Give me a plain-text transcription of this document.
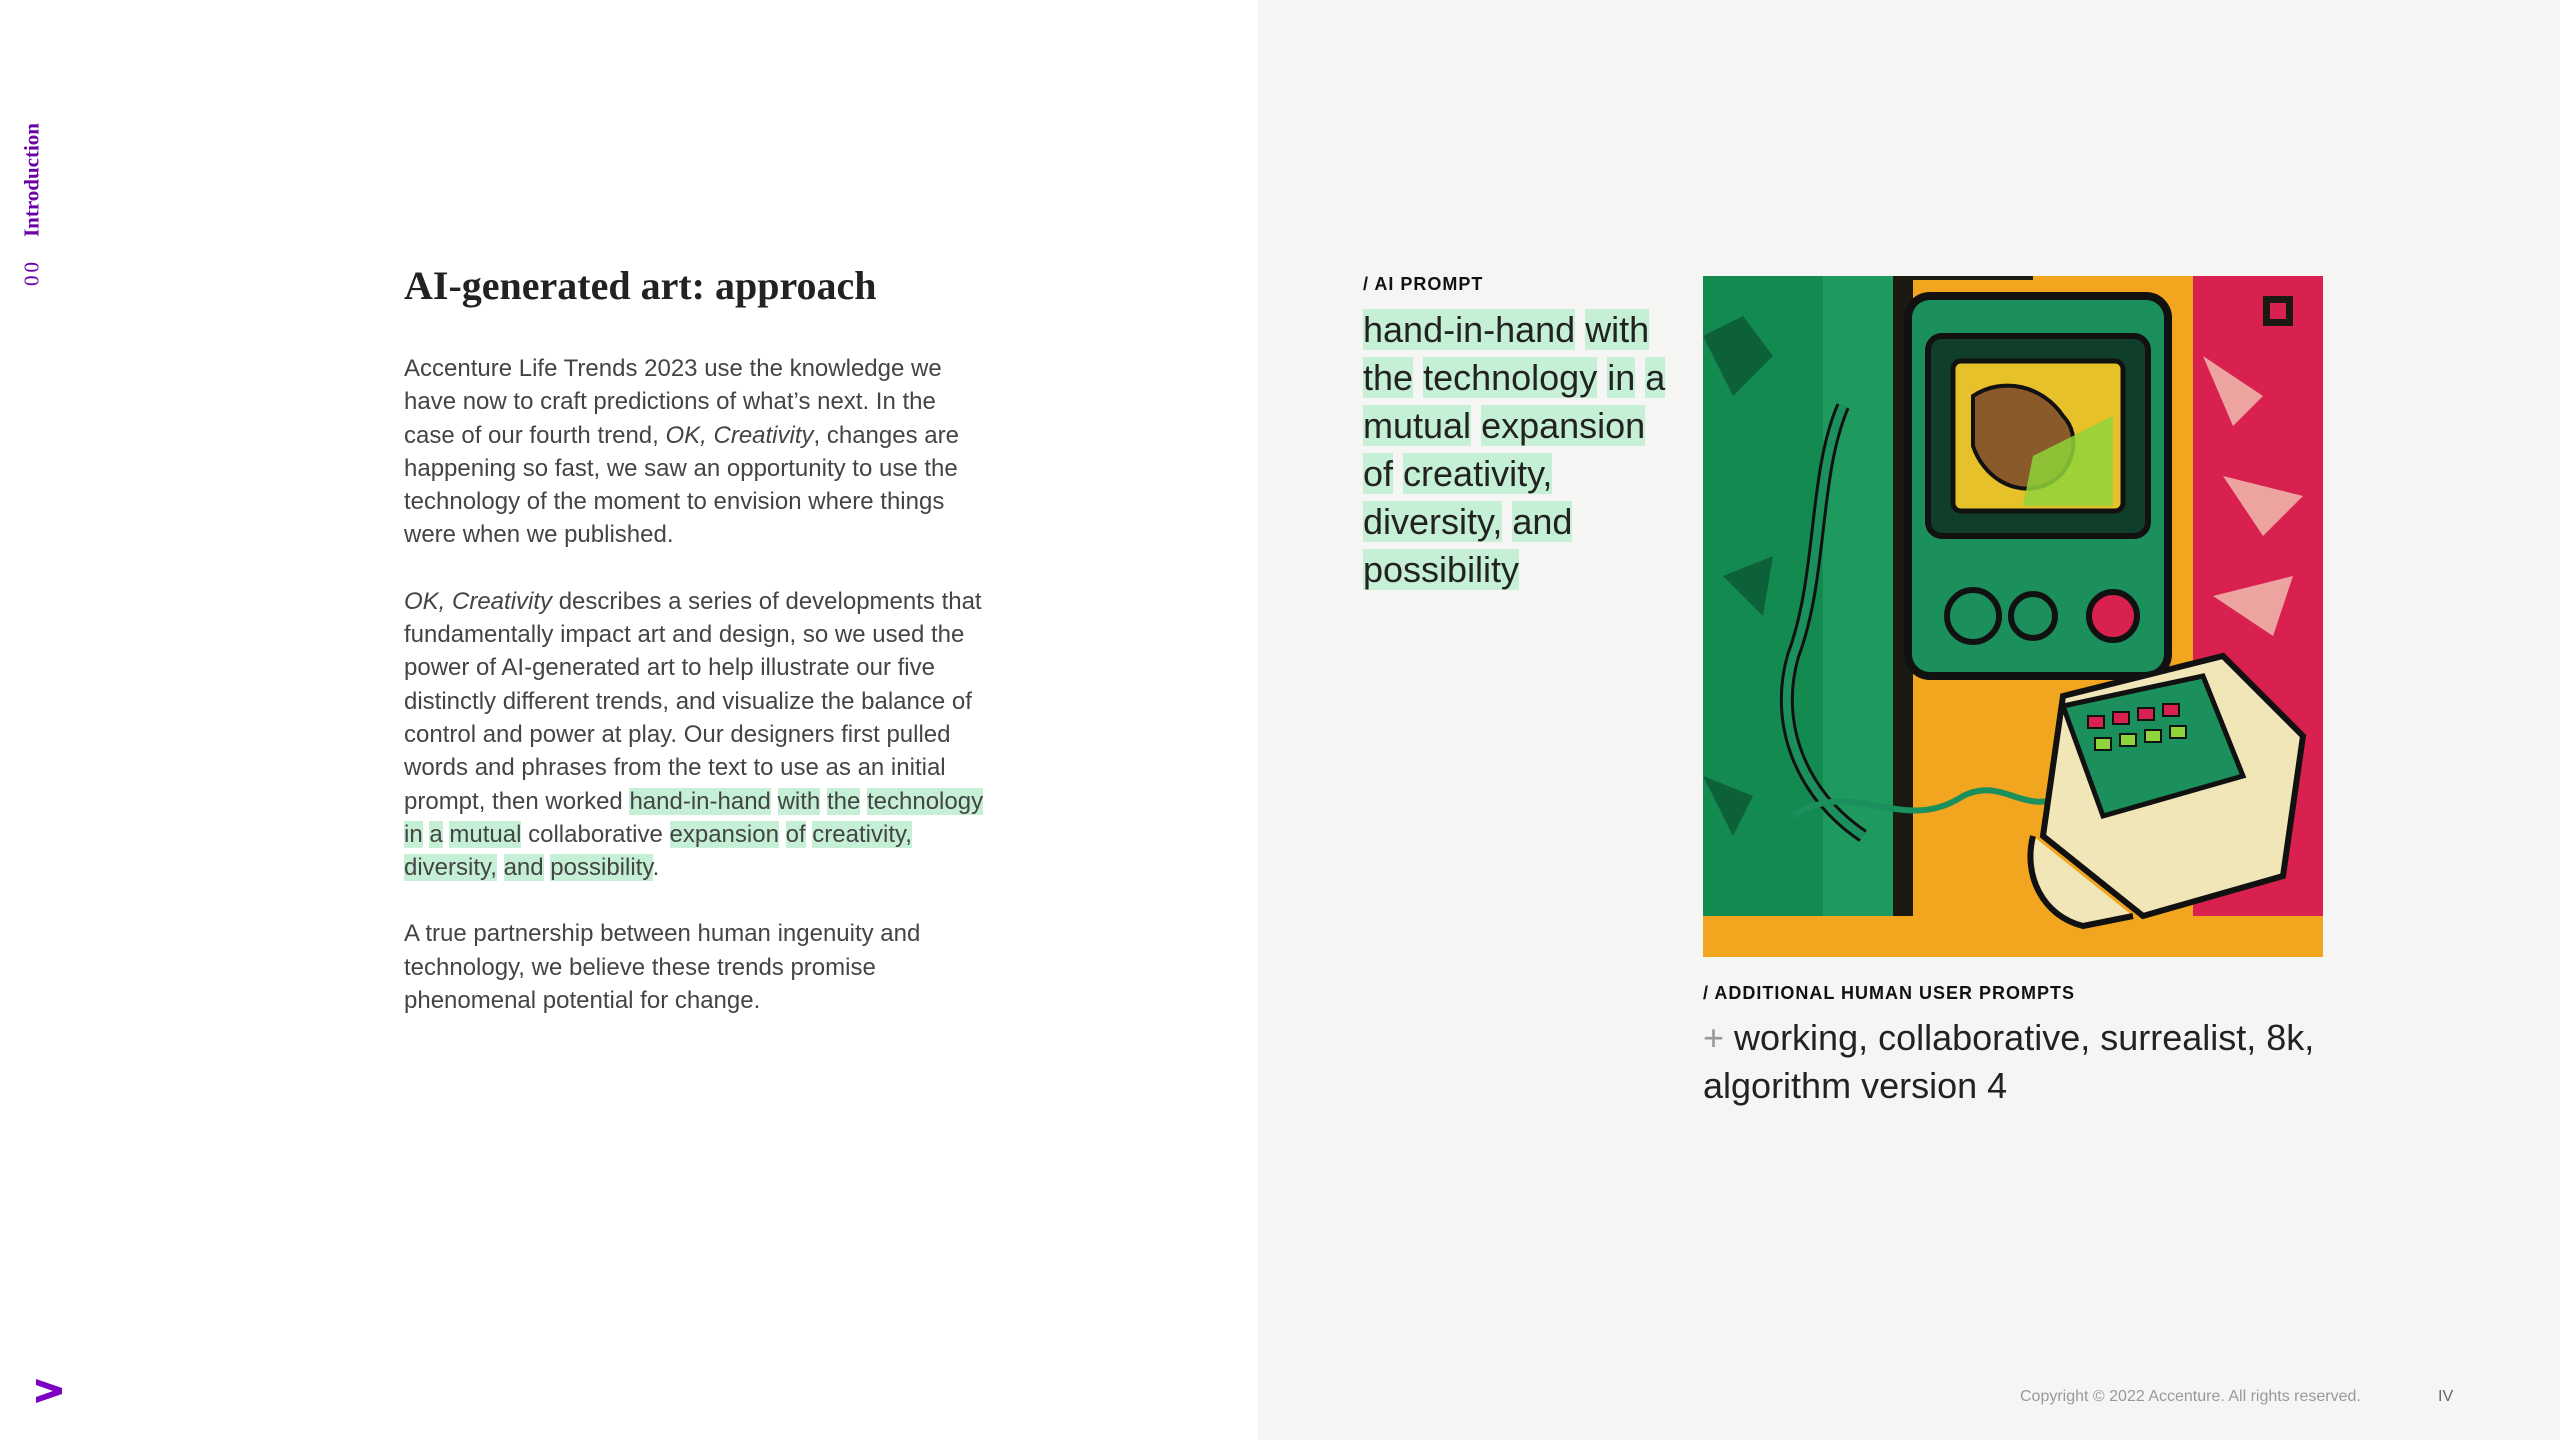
00
Introduction
AI-generated art: approach

Accenture Life Trends 2023 use the knowledge we have now to craft predictions of what’s next. In the case of our fourth trend, OK, Creativity, changes are happening so fast, we saw an opportunity to use the technology of the moment to envision where things were when we published.

OK, Creativity describes a series of developments that fundamentally impact art and design, so we used the power of AI-generated art to help illustrate our five distinctly different trends, and visualize the balance of control and power at play. Our designers first pulled words and phrases from the text to use as an initial prompt, then worked hand-in-hand with the technology in a mutual collaborative expansion of creativity, diversity, and possibility.

A true partnership between human ingenuity and technology, we believe these trends promise phenomenal potential for change.

/ AI PROMPT
hand-in-hand with the technology in a mutual expansion of creativity, diversity, and possibility
/ ADDITIONAL HUMAN USER PROMPTS
+ working, collaborative, surrealist, 8k, algorithm version 4
Copyright © 2022 Accenture. All rights reserved.	IV
